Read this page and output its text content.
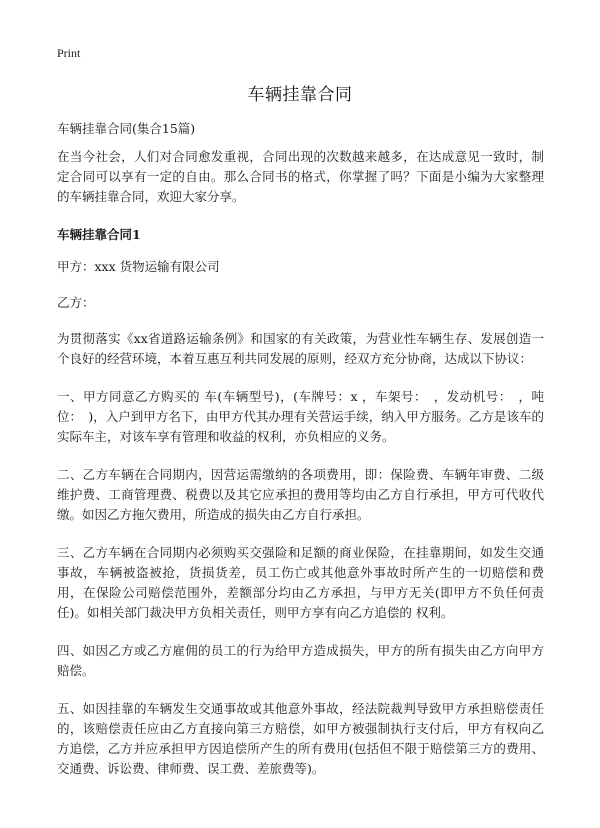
Print
车辆挂靠合同

车辆挂靠合同(集合15篇)

在当今社会，人们对合同愈发重视，合同出现的次数越来越多，在达成意见一致时，制定合同可以享有一定的自由。那么合同书的格式，你掌握了吗？下面是小编为大家整理的车辆挂靠合同，欢迎大家分享。

车辆挂靠合同1

甲方：xxx 货物运输有限公司

乙方：

为贯彻落实《xx省道路运输条例》和国家的有关政策，为营业性车辆生存、发展创造一个良好的经营环境，本着互惠互利共同发展的原则，经双方充分协商，达成以下协议：

一、甲方同意乙方购买的 车(车辆型号)，(车牌号：x ，车架号：　，发动机号：　，吨位：　)，入户到甲方名下，由甲方代其办理有关营运手续，纳入甲方服务。乙方是该车的实际车主，对该车享有管理和收益的权利，亦负相应的义务。

二、乙方车辆在合同期内，因营运需缴纳的各项费用，即：保险费、车辆年审费、二级维护费、工商管理费、税费以及其它应承担的费用等均由乙方自行承担，甲方可代收代缴。如因乙方拖欠费用，所造成的损失由乙方自行承担。

三、乙方车辆在合同期内必须购买交强险和足额的商业保险，在挂靠期间，如发生交通事故，车辆被盗被抢，货损货差，员工伤亡或其他意外事故时所产生的一切赔偿和费用，在保险公司赔偿范围外，差额部分均由乙方承担，与甲方无关(即甲方不负任何责任)。如相关部门裁决甲方负相关责任，则甲方享有向乙方追偿的 权利。

四、如因乙方或乙方雇佣的员工的行为给甲方造成损失，甲方的所有损失由乙方向甲方赔偿。

五、如因挂靠的车辆发生交通事故或其他意外事故，经法院裁判导致甲方承担赔偿责任的，该赔偿责任应由乙方直接向第三方赔偿，如甲方被强制执行支付后，甲方有权向乙方追偿，乙方并应承担甲方因追偿所产生的所有费用(包括但不限于赔偿第三方的费用、交通费、诉讼费、律师费、误工费、差旅费等)。
